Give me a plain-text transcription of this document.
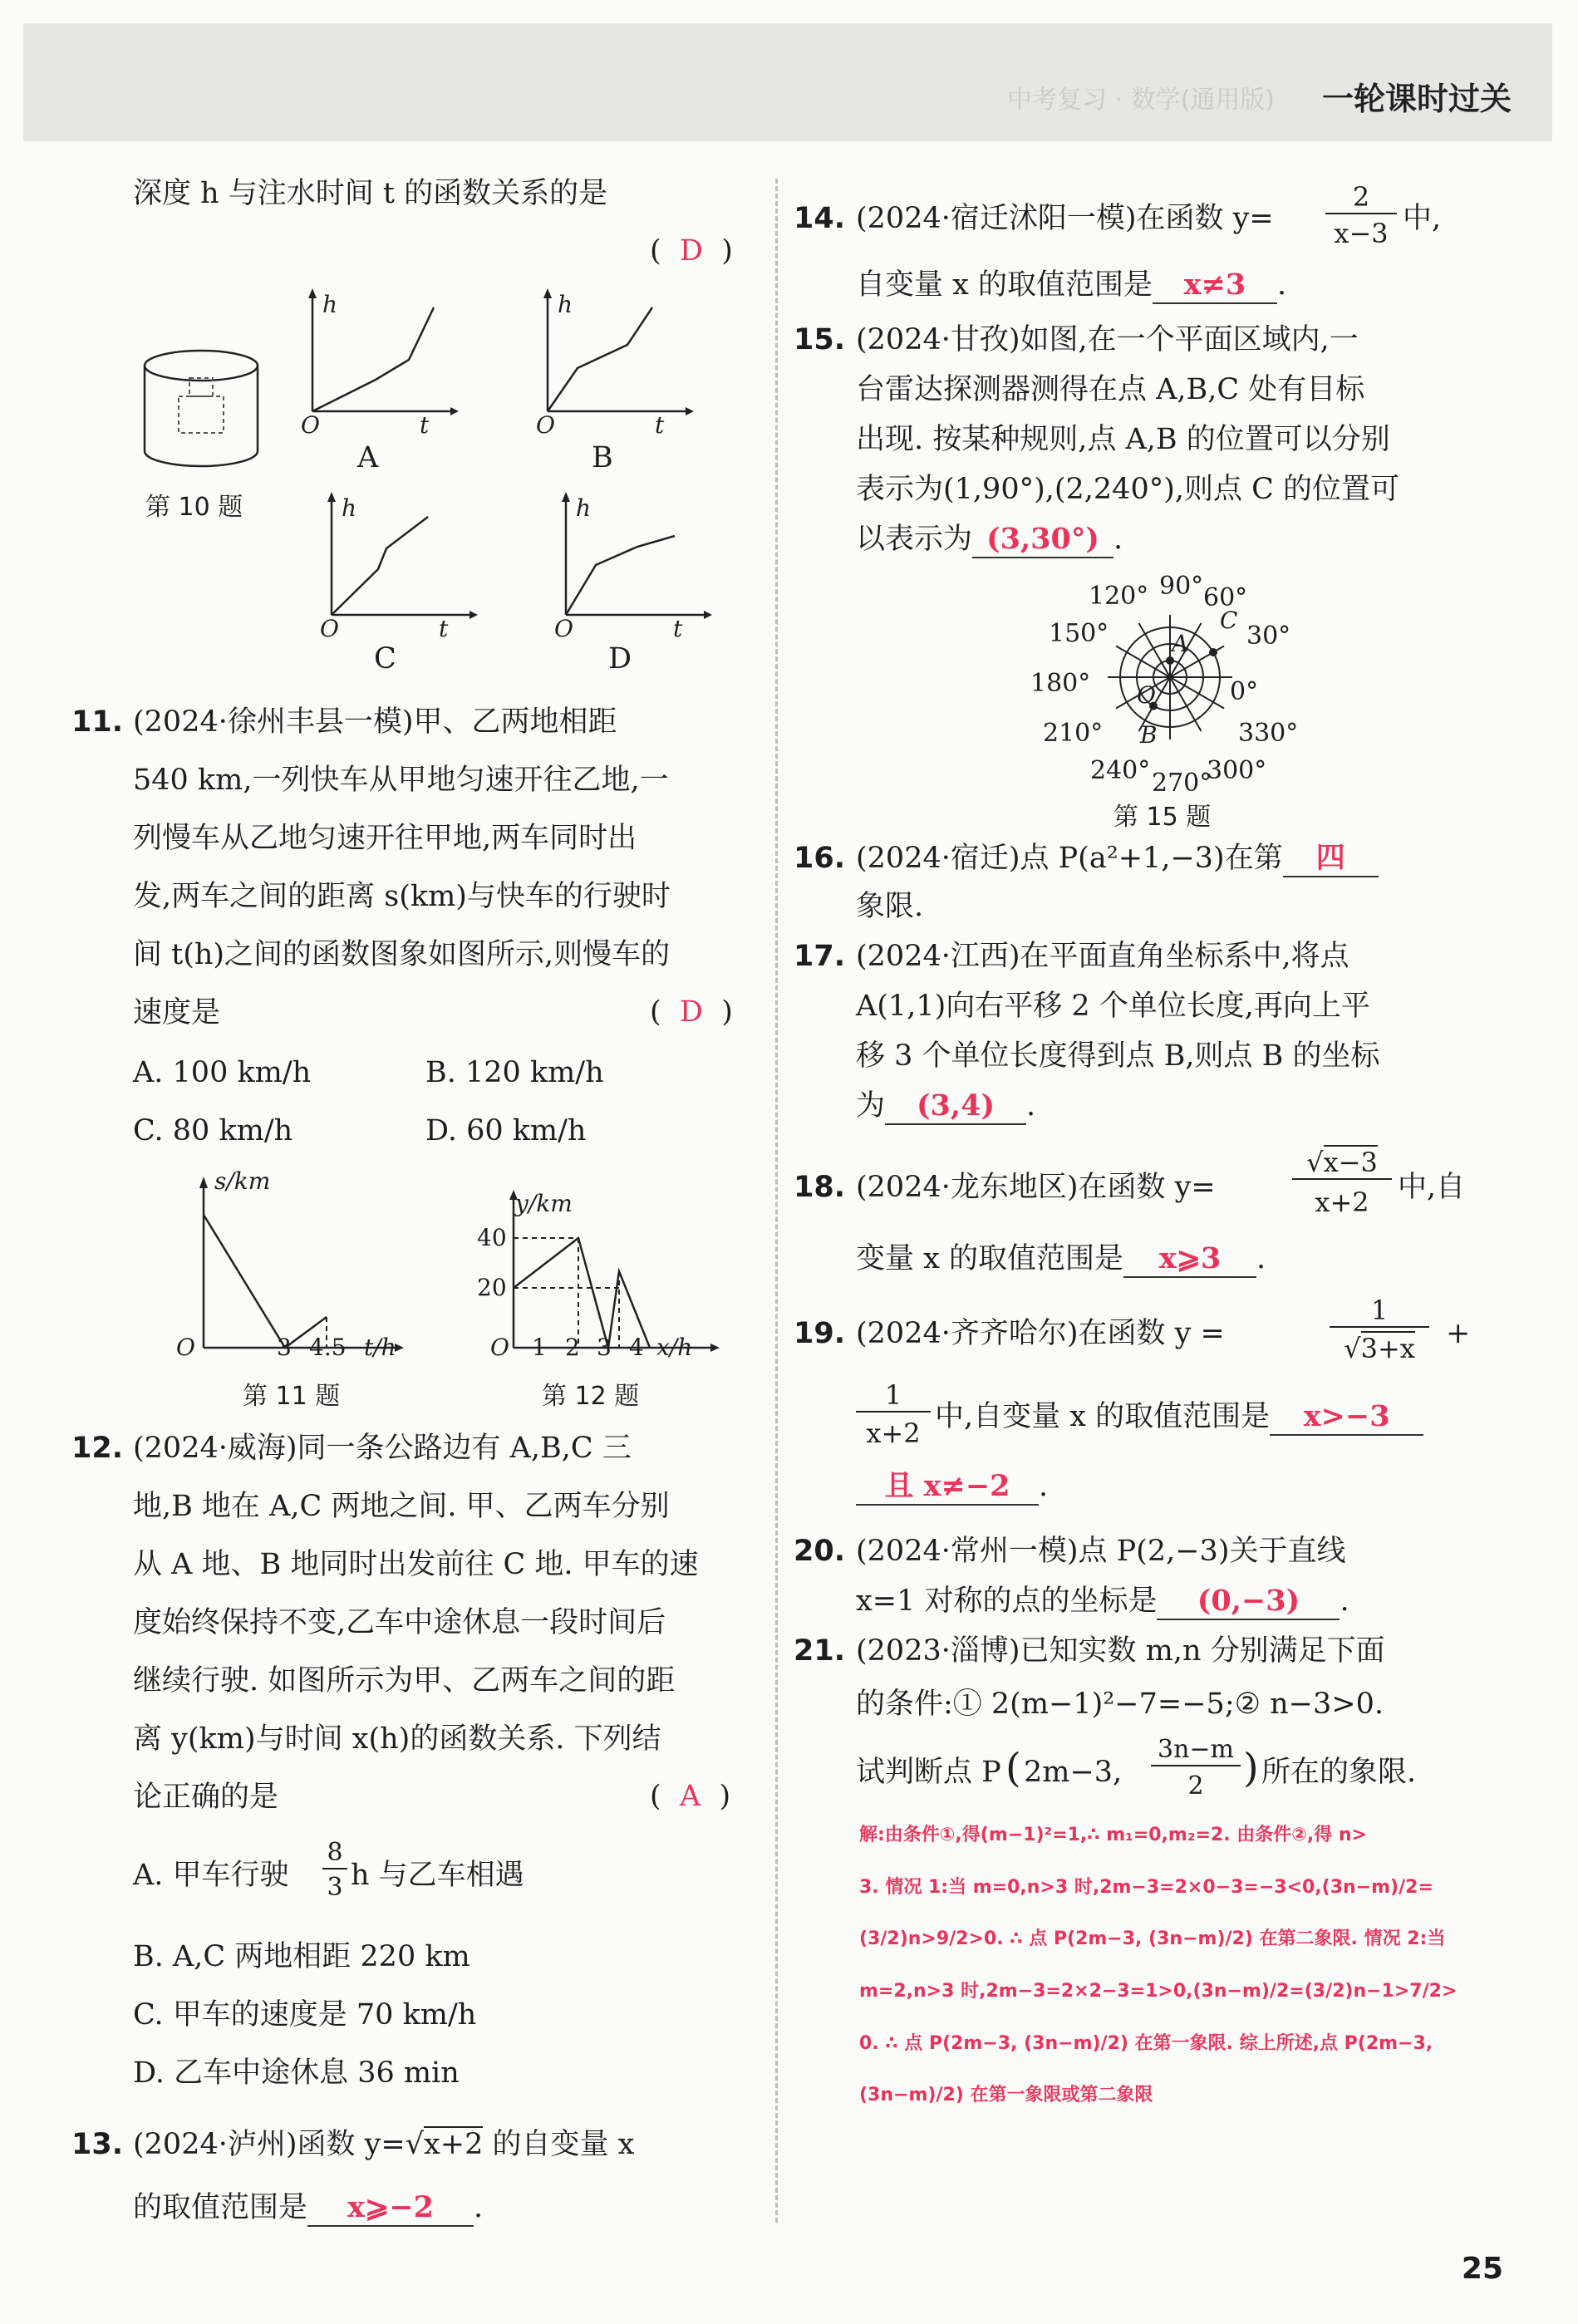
中考复习 · 数学(通用版) 一轮课时过关
深度 h 与注水时间 t 的函数关系的是
(  D  )
第 10 题
h
O	t
A
h
O	t
B
h
O	t
C
h
O	t
D
11. (2024·徐州丰县一模)甲、乙两地相距
540 km,一列快车从甲地匀速开往乙地,一
列慢车从乙地匀速开往甲地,两车同时出
发,两车之间的距离 s(km)与快车的行驶时
间 t(h)之间的函数图象如图所示,则慢车的
速度是	(  D  )
A. 100 km/h	B. 120 km/h
C. 80 km/h	D. 60 km/h
s/km
O	3 4.5 t/h
第 11 题
y/km
40
20
O 1 2 3 4 x/h
第 12 题
12. (2024·威海)同一条公路边有 A,B,C 三
地,B 地在 A,C 两地之间. 甲、乙两车分别
从 A 地、B 地同时出发前往 C 地. 甲车的速
度始终保持不变,乙车中途休息一段时间后
继续行驶. 如图所示为甲、乙两车之间的距
离 y(km)与时间 x(h)的函数关系. 下列结
论正确的是	(  A  )
A. 甲车行驶
8
3 h 与乙车相遇
B. A,C 两地相距 220 km
C. 甲车的速度是 70 km/h
D. 乙车中途休息 36 min
13. (2024·泸州)函数 y=√x+2 的自变量 x
的取值范围是 x⩾−2 .
14. (2024·宿迁沭阳一模)在函数 y=
2
x−3 中,
自变量 x 的取值范围是 x≠3 .
15. (2024·甘孜)如图,在一个平面区域内,一
台雷达探测器测得在点 A,B,C 处有目标
出现. 按某种规则,点 A,B 的位置可以分别
表示为(1,90°),(2,240°),则点 C 的位置可
以表示为 (3,30°) .
90° 60°
30°
0°
330°
300°
270°
240°
210°
180°
150°
120°
A
B
C
O
第 15 题
16. (2024·宿迁)点 P(a²+1,−3)在第 四
象限.
17. (2024·江西)在平面直角坐标系中,将点
A(1,1)向右平移 2 个单位长度,再向上平
移 3 个单位长度得到点 B,则点 B 的坐标
为 (3,4) .
18. (2024·龙东地区)在函数 y=
√x−3
x+2 中,自
变量 x 的取值范围是 x⩾3 .
19. (2024·齐齐哈尔)在函数 y =
1
√3+x	+
1
x+2 中,自变量 x 的取值范围是 x>−3
且 x≠−2 .
20. (2024·常州一模)点 P(2,−3)关于直线
x=1 对称的点的坐标是 (0,−3) .
21. (2023·淄博)已知实数 m,n 分别满足下面
的条件:① 2(m−1)²−7=−5;② n−3>0.
试判断点 P ( 2m−3,
3n−m
2 ) 所在的象限.
解:由条件①,得(m−1)²=1,∴ m₁=0,m₂=2. 由条件②,得 n>
3. 情况 1:当 m=0,n>3 时,2m−3=2×0−3=−3<0,(3n−m)/2=
(3/2)n>9/2>0. ∴ 点 P(2m−3, (3n−m)/2) 在第二象限. 情况 2:当
m=2,n>3 时,2m−3=2×2−3=1>0,(3n−m)/2=(3/2)n−1>7/2>
0. ∴ 点 P(2m−3, (3n−m)/2) 在第一象限. 综上所述,点 P(2m−3,
(3n−m)/2) 在第一象限或第二象限
25
